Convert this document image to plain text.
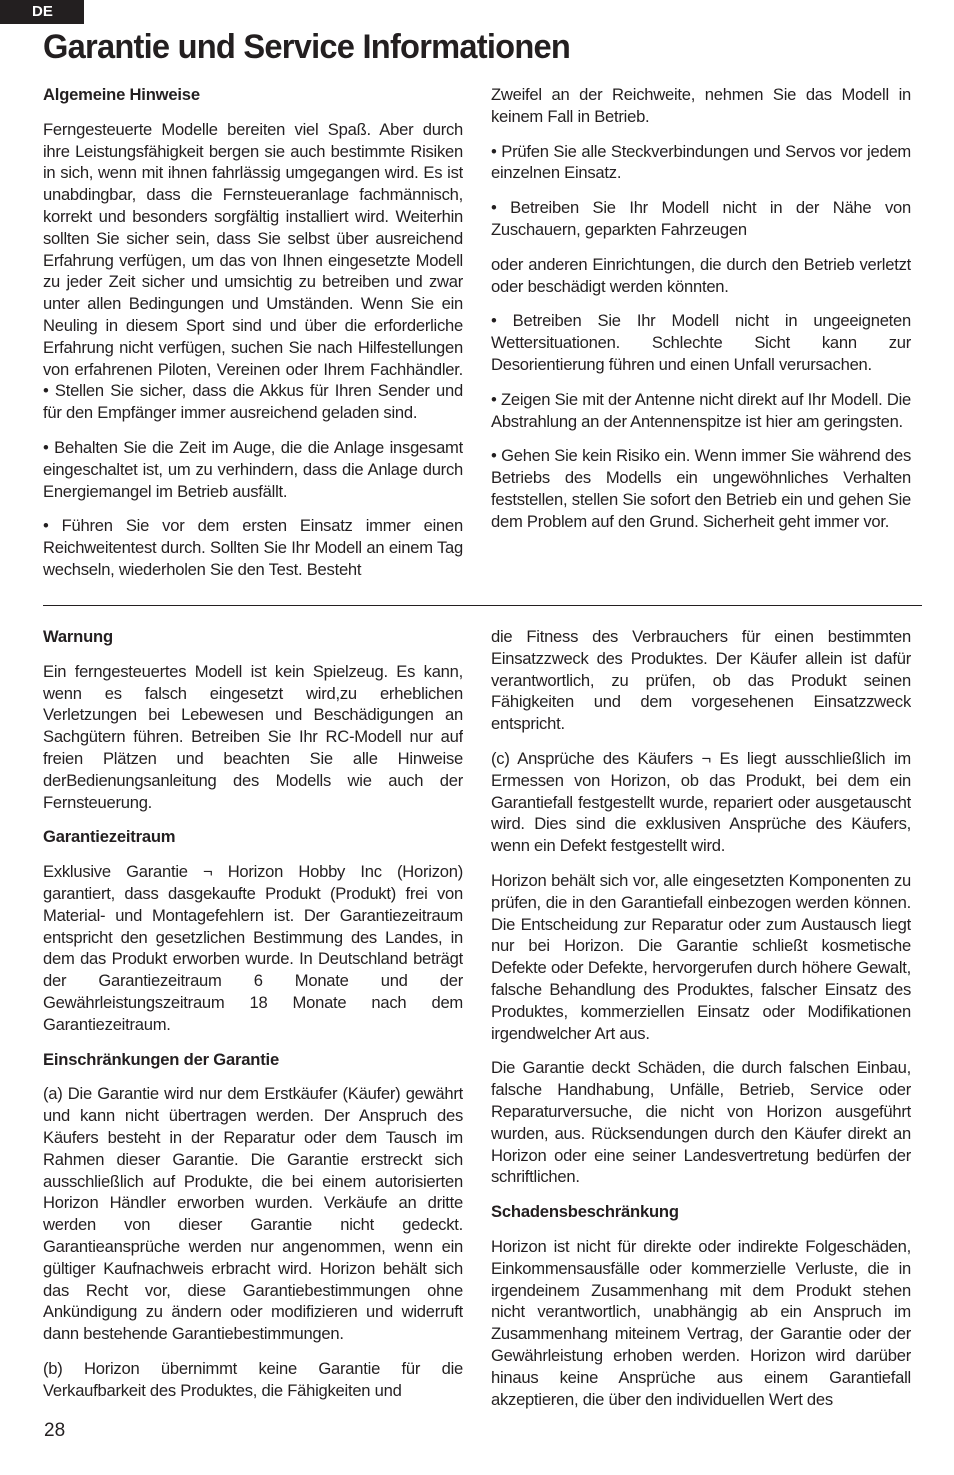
DE
Garantie und Service Informationen
Algemeine Hinweise

Ferngesteuerte Modelle bereiten viel Spaß. Aber durch ihre Leistungsfähigkeit bergen sie auch bestimmte Risiken in sich, wenn mit ihnen fahrlässig umgegangen wird. Es ist unabdingbar, dass die Fernsteueranlage fachmännisch, korrekt und besonders sorgfältig installiert wird. Weiterhin sollten Sie sicher sein, dass Sie selbst über ausreichend Erfahrung verfügen, um das von Ihnen eingesetzte Modell zu jeder Zeit sicher und umsichtig zu betreiben und zwar unter allen Bedingungen und Umständen. Wenn Sie ein Neuling in diesem Sport sind und über die erforderliche Erfahrung nicht verfügen, suchen Sie nach Hilfestellungen von erfahrenen Piloten, Vereinen oder Ihrem Fachhändler. • Stellen Sie sicher, dass die Akkus für Ihren Sender und für den Empfänger immer ausreichend geladen sind.

• Behalten Sie die Zeit im Auge, die die Anlage insgesamt eingeschaltet ist, um zu verhindern, dass die Anlage durch Energiemangel im Betrieb ausfällt.

• Führen Sie vor dem ersten Einsatz immer einen Reichweitentest durch. Sollten Sie Ihr Modell an einem Tag wechseln, wiederholen Sie den Test. Besteht

Zweifel an der Reichweite, nehmen Sie das Modell in keinem Fall in Betrieb.

• Prüfen Sie alle Steckverbindungen und Servos vor jedem einzelnen Einsatz.

• Betreiben Sie Ihr Modell nicht in der Nähe von Zuschauern, geparkten Fahrzeugen

oder anderen Einrichtungen, die durch den Betrieb verletzt oder beschädigt werden könnten.

• Betreiben Sie Ihr Modell nicht in ungeeigneten Wettersituationen. Schlechte Sicht kann zur Desorientierung führen und einen Unfall verursachen.

• Zeigen Sie mit der Antenne nicht direkt auf Ihr Modell. Die Abstrahlung an der Antennenspitze ist hier am geringsten.

• Gehen Sie kein Risiko ein. Wenn immer Sie während des Betriebs des Modells ein ungewöhnliches Verhalten feststellen, stellen Sie sofort den Betrieb ein und gehen Sie dem Problem auf den Grund. Sicherheit geht immer vor.

Warnung

Ein ferngesteuertes Modell ist kein Spielzeug. Es kann, wenn es falsch eingesetzt wird,zu erheblichen Verletzungen bei Lebewesen und Beschädigungen an Sachgütern führen. Betreiben Sie Ihr RC-Modell nur auf freien Plätzen und beachten Sie alle Hinweise derBedienungsanleitung des Modells wie auch der Fernsteuerung.

Garantiezeitraum

Exklusive Garantie ¬ Horizon Hobby Inc (Horizon) garantiert, dass dasgekaufte Produkt (Produkt) frei von Material- und Montagefehlern ist. Der Garantiezeitraum entspricht den gesetzlichen Bestimmung des Landes, in dem das Produkt erworben wurde. In Deutschland beträgt der Garantiezeitraum 6 Monate und der Gewährleistungszeitraum 18 Monate nach dem Garantiezeitraum.

Einschränkungen der Garantie

(a) Die Garantie wird nur dem Erstkäufer (Käufer) gewährt und kann nicht übertragen werden. Der Anspruch des Käufers besteht in der Reparatur oder dem Tausch im Rahmen dieser Garantie. Die Garantie erstreckt sich ausschließlich auf Produkte, die bei einem autorisierten Horizon Händler erworben wurden. Verkäufe an dritte werden von dieser Garantie nicht gedeckt. Garantieansprüche werden nur angenommen, wenn ein gültiger Kaufnachweis erbracht wird. Horizon behält sich das Recht vor, diese Garantiebestimmungen ohne Ankündigung zu ändern oder modifizieren und widerruft dann bestehende Garantiebestimmungen.

(b) Horizon übernimmt keine Garantie für die Verkaufbarkeit des Produktes, die Fähigkeiten und

die Fitness des Verbrauchers für einen bestimmten Einsatzzweck des Produktes. Der Käufer allein ist dafür verantwortlich, zu prüfen, ob das Produkt seinen Fähigkeiten und dem vorgesehenen Einsatzzweck entspricht.

(c) Ansprüche des Käufers ¬ Es liegt ausschließlich im Ermessen von Horizon, ob das Produkt, bei dem ein Garantiefall festgestellt wurde, repariert oder ausgetauscht wird. Dies sind die exklusiven Ansprüche des Käufers, wenn ein Defekt festgestellt wird.

Horizon behält sich vor, alle eingesetzten Komponenten zu prüfen, die in den Garantiefall einbezogen werden können. Die Entscheidung zur Reparatur oder zum Austausch liegt nur bei Horizon. Die Garantie schließt kosmetische Defekte oder Defekte, hervorgerufen durch höhere Gewalt, falsche Behandlung des Produktes, falscher Einsatz des Produktes, kommerziellen Einsatz oder Modifikationen irgendwelcher Art aus.

Die Garantie deckt Schäden, die durch falschen Einbau, falsche Handhabung, Unfälle, Betrieb, Service oder Reparaturversuche, die nicht von Horizon ausgeführt wurden, aus. Rücksendungen durch den Käufer direkt an Horizon oder eine seiner Landesvertretung bedürfen der schriftlichen.

Schadensbeschränkung

Horizon ist nicht für direkte oder indirekte Folgeschäden, Einkommensausfälle oder kommerzielle Verluste, die in irgendeinem Zusammenhang mit dem Produkt stehen nicht verantwortlich, unabhängig ab ein Anspruch im Zusammenhang miteinem Vertrag, der Garantie oder der Gewährleistung erhoben werden. Horizon wird darüber hinaus keine Ansprüche aus einem Garantiefall akzeptieren, die über den individuellen Wert des

28
